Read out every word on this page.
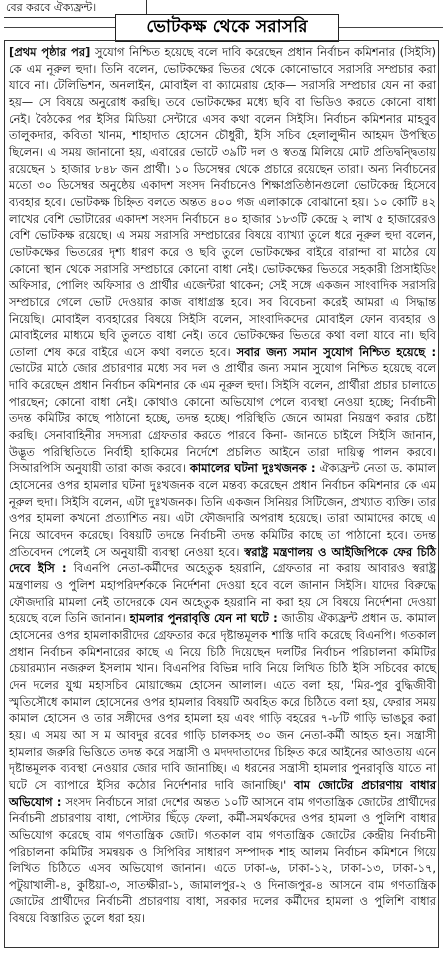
বের করবে ঐক্যফ্রন্ট।
ভোটকক্ষ থেকে সরাসরি

[প্রথম পৃষ্ঠার পর] সুযোগ নিশ্চিত হয়েছে বলে দাবি করেছেন প্রধান নির্বাচন কমিশনার (সিইসি) কে এম নূরুল হুদা। তিনি বলেন, ভোটকক্ষের ভিতর থেকে কোনোভাবে সরাসরি সম্প্রচার করা যাবে না। টেলিভিশন, অনলাইন, মোবাইল বা ক্যামেরায় হোক— সরাসরি সম্প্রচার যেন না করা হয়— সে বিষয়ে অনুরোধ করছি। তবে ভোটকক্ষের মধ্যে ছবি বা ভিডিও করতে কোনো বাধা নেই। বৈঠকের পর ইসির মিডিয়া সেন্টারে এসব কথা বলেন সিইসি। নির্বাচন কমিশনার মাহবুব তালুকদার, কবিতা খানম, শাহাদাত হোসেন চৌধুরী, ইসি সচিব হেলালুদ্দীন আহমদ উপস্থিত ছিলেন। এ সময় জানানো হয়, এবারের ভোটে ৩৯টি দল ও স্বতন্ত্র মিলিয়ে মোট প্রতিদ্বন্দ্বিতায় রয়েছেন ১ হাজার ৮৪৮ জন প্রার্থী। ১০ ডিসেম্বর থেকে প্রচারে রয়েছেন তারা। অন্য নির্বাচনের মতো ৩০ ডিসেম্বর অনুষ্ঠেয় একাদশ সংসদ নির্বাচনেও শিক্ষাপ্রতিষ্ঠানগুলো ভোটকেন্দ্র হিসেবে ব্যবহার হবে। ভোটকক্ষ চিহ্নিত বলতে অন্তত ৪০০ গজ এলাকাকে বোঝানো হয়। ১০ কোটি ৪২ লাখের বেশি ভোটারের একাদশ সংসদ নির্বাচনে ৪০ হাজার ১৮৩টি কেন্দ্রে ২ লাখ ৫ হাজারেরও বেশি ভোটকক্ষ রয়েছে। এ সময় সরাসরি সম্প্রচারের বিষয়ে ব্যাখ্যা তুলে ধরে নূরুল হুদা বলেন, ভোটকক্ষের ভিতরের দৃশ্য ধারণ করে ও ছবি তুলে ভোটকক্ষের বাইরে বারান্দা বা মাঠের যে কোনো স্থান থেকে সরাসরি সম্প্রচারে কোনো বাধা নেই। ভোটকক্ষের ভিতরে সহকারী প্রিসাইডিং অফিসার, পোলিং অফিসার ও প্রার্থীর এজেন্টরা থাকেন; সেই সঙ্গে একজন সাংবাদিক সরাসরি সম্প্রচারে গেলে ভোট দেওয়ার কাজ বাধাগ্রস্ত হবে। সব বিবেচনা করেই আমরা এ সিদ্ধান্ত নিয়েছি। মোবাইল ব্যবহারের বিষয়ে সিইসি বলেন, সাংবাদিকদের মোবাইল ফোন ব্যবহার ও মোবাইলের মাধ্যমে ছবি তুলতে বাধা নেই। তবে ভোটকক্ষের ভিতরে কথা বলা যাবে না। ছবি তোলা শেষ করে বাইরে এসে কথা বলতে হবে। সবার জন্য সমান সুযোগ নিশ্চিত হয়েছে : ভোটের মাঠে জোর প্রচারণার মধ্যে সব দল ও প্রার্থীর জন্য সমান সুযোগ নিশ্চিত হয়েছে বলে দাবি করেছেন প্রধান নির্বাচন কমিশনার কে এম নূরুল হুদা। সিইসি বলেন, প্রার্থীরা প্রচার চালাতে পারছেন; কোনো বাধা নেই। কোথাও কোনো অভিযোগ পেলে ব্যবস্থা নেওয়া হচ্ছে; নির্বাচনী তদন্ত কমিটির কাছে পাঠানো হচ্ছে, তদন্ত হচ্ছে। পরিস্থিতি জেনে আমরা নিয়ন্ত্রণ করার চেষ্টা করছি। সেনাবাহিনীর সদস্যরা গ্রেফতার করতে পারবে কিনা- জানতে চাইলে সিইসি জানান, উদ্ভূত পরিস্থিতিতে নির্বাহী হাকিমের নির্দেশে প্রচলিত আইনে তারা দায়িত্ব পালন করবে। সিআরপিসি অনুযায়ী তারা কাজ করবে। কামালের ঘটনা দুঃখজনক : ঐক্যফ্রন্ট নেতা ড. কামাল হোসেনের ওপর হামলার ঘটনা দুঃখজনক বলে মন্তব্য করেছেন প্রধান নির্বাচন কমিশনার কে এম নূরুল হুদা। সিইসি বলেন, এটা দুঃখজনক। তিনি একজন সিনিয়র সিটিজেন, প্রখ্যাত ব্যক্তি। তার ওপর হামলা কখনো প্রত্যাশিত নয়। এটা ফৌজদারি অপরাধ হয়েছে। তারা আমাদের কাছে এ নিয়ে আবেদন করেছে। বিষয়টি তদন্তে নির্বাচনী তদন্ত কমিটির কাছে তা পাঠানো হবে। তদন্ত প্রতিবেদন পেলেই সে অনুযায়ী ব্যবস্থা নেওয়া হবে। স্বরাষ্ট্র মন্ত্রণালয় ও আইজিপিকে ফের চিঠি দেবে ইসি : বিএনপি নেতা-কর্মীদের অহেতুক হয়রানি, গ্রেফতার না করায় আবারও স্বরাষ্ট্র মন্ত্রণালয় ও পুলিশ মহাপরিদর্শককে নির্দেশনা দেওয়া হবে বলে জানান সিইসি। যাদের বিরুদ্ধে ফৌজদারি মামলা নেই তাদেরকে যেন অহেতুক হয়রানি না করা হয় সে বিষয়ে নির্দেশনা দেওয়া হয়েছে বলে তিনি জানান। হামলার পুনরাবৃত্তি যেন না ঘটে : জাতীয় ঐক্যফ্রন্ট প্রধান ড. কামাল হোসেনের ওপর হামলাকারীদের গ্রেফতার করে দৃষ্টান্তমূলক শাস্তি দাবি করেছে বিএনপি। গতকাল প্রধান নির্বাচন কমিশনারের কাছে এ নিয়ে চিঠি দিয়েছেন দলটির নির্বাচন পরিচালনা কমিটির চেয়ারম্যান নজরুল ইসলাম খান। বিএনপির বিভিন্ন দাবি নিয়ে লিখিত চিঠি ইসি সচিবের কাছে দেন দলের যুগ্ম মহাসচিব মোয়াজ্জেম হোসেন আলাল। এতে বলা হয়, 'মির-পুর বুদ্ধিজীবী স্মৃতিসৌধে কামাল হোসেনের ওপর হামলার বিষয়টি অবহিত করে চিঠিতে বলা হয়, ফেরার সময় কামাল হোসেন ও তার সঙ্গীদের ওপর হামলা হয় এবং গাড়ি বহরের ৭-৮টি গাড়ি ভাঙচুর করা হয়। এ সময় আ স ম আবদুর রবের গাড়ি চালকসহ ৩০ জন নেতা-কর্মী আহত হন। সন্ত্রাসী হামলার জরুরি ভিত্তিতে তদন্ত করে সন্ত্রাসী ও মদদদাতাদের চিহ্নিত করে আইনের আওতায় এনে দৃষ্টান্তমূলক ব্যবস্থা নেওয়ার জোর দাবি জানাচ্ছি। এ ধরনের সন্ত্রাসী হামলার পুনরাবৃত্তি যাতে না ঘটে সে ব্যাপারে ইসির কঠোর নির্দেশনার দাবি জানাচ্ছি।' বাম জোটের প্রচারণায় বাধার অভিযোগ : সংসদ নির্বাচনে সারা দেশের অন্তত ১০টি আসনে বাম গণতান্ত্রিক জোটের প্রার্থীদের নির্বাচনী প্রচারণায় বাধা, পোস্টার ছিঁড়ে ফেলা, কর্মী-সমর্থকদের ওপর হামলা ও পুলিশি বাধার অভিযোগ করেছে বাম গণতান্ত্রিক জোট। গতকাল বাম গণতান্ত্রিক জোটের কেন্দ্রীয় নির্বাচনী পরিচালনা কমিটির সমন্বয়ক ও সিপিবির সাধারণ সম্পাদক শাহ আলম নির্বাচন কমিশনে গিয়ে লিখিত চিঠিতে এসব অভিযোগ জানান। এতে ঢাকা-৬, ঢাকা-১২, ঢাকা-১৩, ঢাকা-১৭, পটুয়াখালী-৪, কুষ্টিয়া-৩, সাতক্ষীরা-১, জামালপুর-২ ও দিনাজপুর-৪ আসনে বাম গণতান্ত্রিক জোটের প্রার্থীদের নির্বাচনী প্রচারণায় বাধা, সরকার দলের কর্মীদের হামলা ও পুলিশি বাধার বিষয়ে বিস্তারিত তুলে ধরা হয়।
